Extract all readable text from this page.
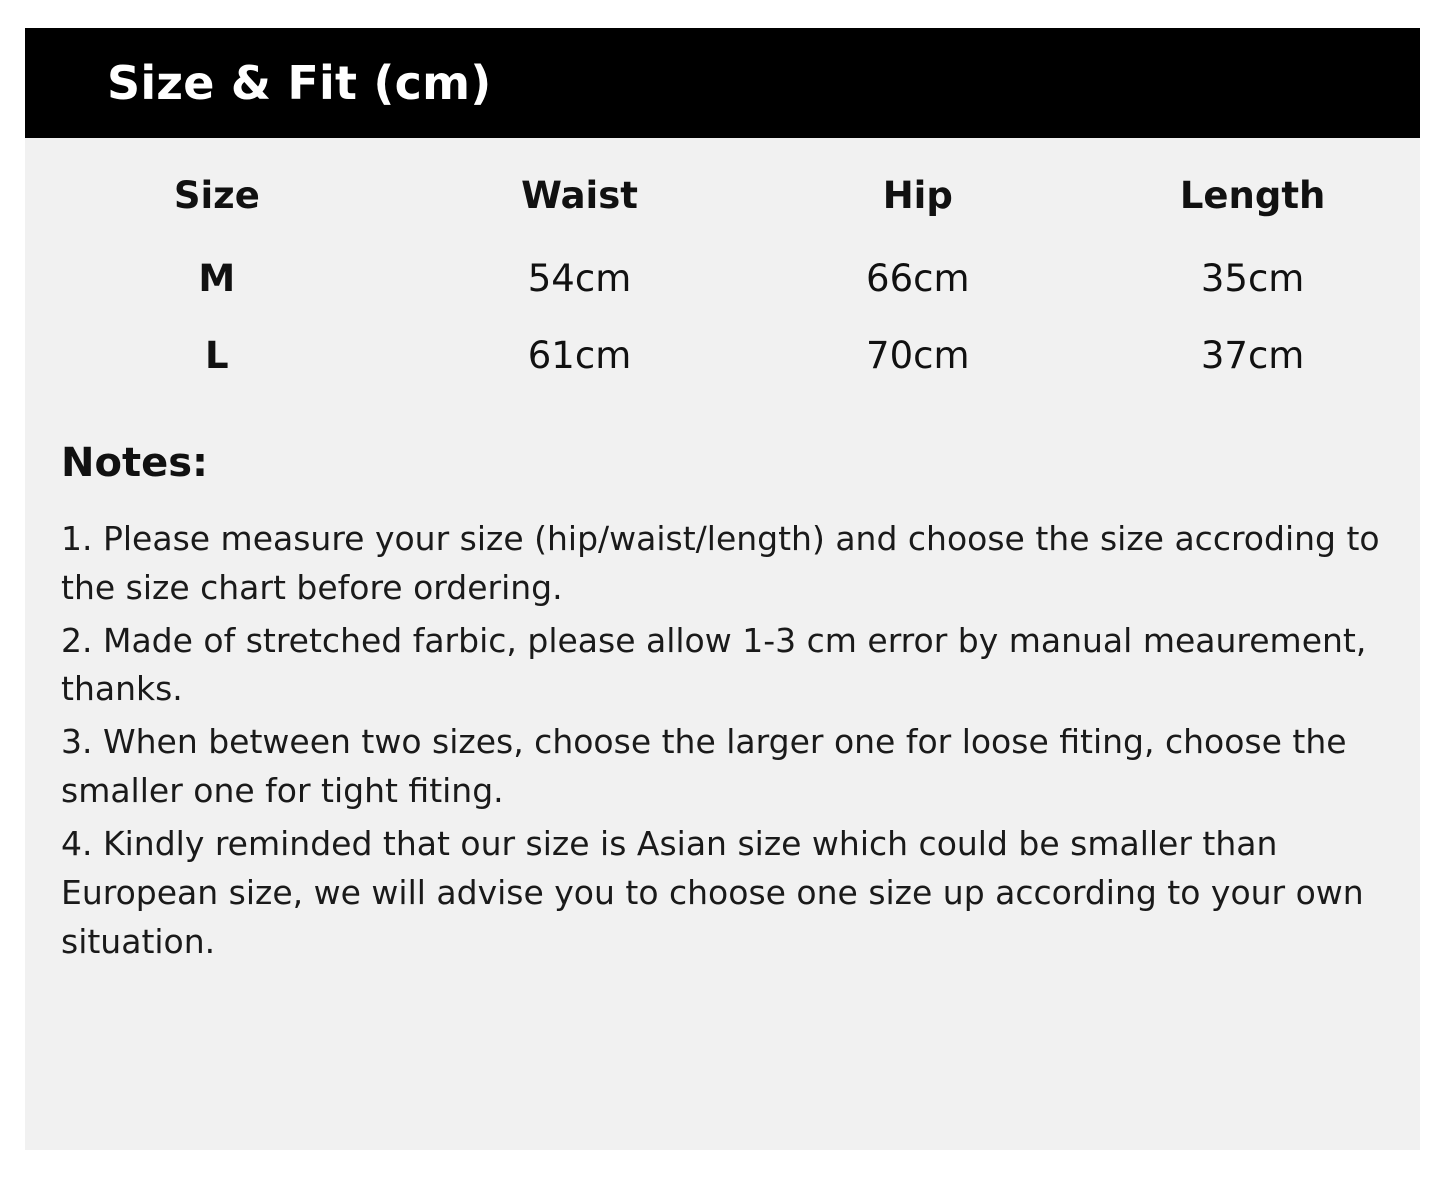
Size & Fit (cm)
Size	Waist	Hip	Length
M	54cm	66cm	35cm
L	61cm	70cm	37cm
Notes:

1. Please measure your size (hip/waist/length) and choose the size accroding to the size chart before ordering.

2. Made of stretched farbic, please allow 1-3 cm error by manual meaurement, thanks.

3. When between two sizes, choose the larger one for loose fiting, choose the smaller one for tight fiting.

4. Kindly reminded that our size is Asian size which could be smaller than European size, we will advise you to choose one size up according to your own situation.
